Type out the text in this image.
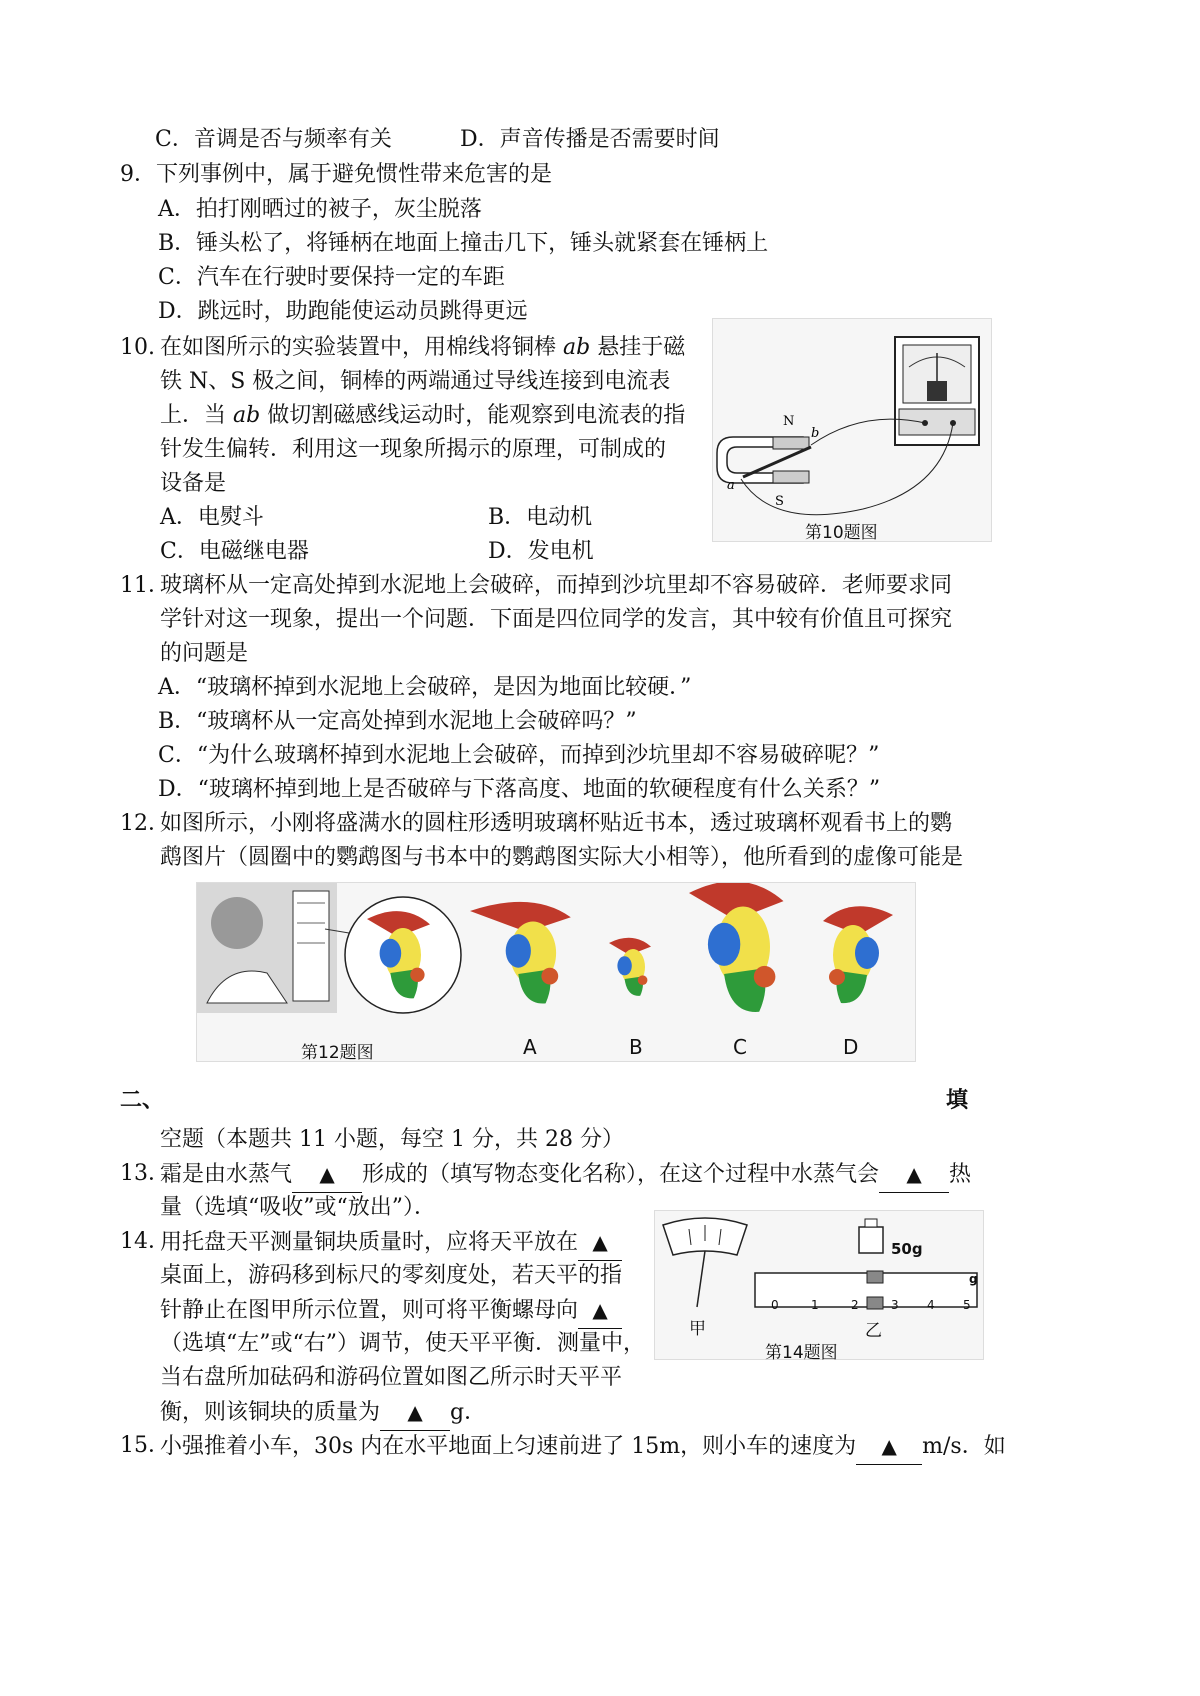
C．音调是否与频率有关	D．声音传播是否需要时间
9．下列事例中，属于避免惯性带来危害的是
A．拍打刚晒过的被子，灰尘脱落
B．锤头松了，将锤柄在地面上撞击几下，锤头就紧套在锤柄上
C．汽车在行驶时要保持一定的车距
D．跳远时，助跑能使运动员跳得更远
10. 在如图所示的实验装置中，用棉线将铜棒 ab 悬挂于磁
铁 N、S 极之间，铜棒的两端通过导线连接到电流表
上．当 ab 做切割磁感线运动时，能观察到电流表的指
针发生偏转．利用这一现象所揭示的原理，可制成的
设备是
A．电熨斗	B．电动机
C．电磁继电器	D．发电机
N
S
a
b
第10题图
11．
玻璃杯从一定高处掉到水泥地上会破碎，而掉到沙坑里却不容易破碎．老师要求同
学针对这一现象，提出一个问题．下面是四位同学的发言，其中较有价值且可探究
的问题是
A．“玻璃杯掉到水泥地上会破碎，是因为地面比较硬．”
B．“玻璃杯从一定高处掉到水泥地上会破碎吗？”
C．“为什么玻璃杯掉到水泥地上会破碎，而掉到沙坑里却不容易破碎呢？”
D．“玻璃杯掉到地上是否破碎与下落高度、地面的软硬程度有什么关系？”
12．
如图所示，小刚将盛满水的圆柱形透明玻璃杯贴近书本，透过玻璃杯观看书上的鹦
鹉图片（圆圈中的鹦鹉图与书本中的鹦鹉图实际大小相等），他所看到的虚像可能是
第12题图	A	B	C	D
二、	填
空题（本题共 11 小题，每空 1 分，共 28 分）
13．
霜是由水蒸气 ▲ 形成的（填写物态变化名称），在这个过程中水蒸气会 ▲ 热
量（选填“吸收”或“放出”）．
14．
用托盘天平测量铜块质量时，应将天平放在 ▲
桌面上，游码移到标尺的零刻度处，若天平的指
针静止在图甲所示位置，则可将平衡螺母向 ▲
（选填“左”或“右”）调节，使天平平衡．测量中，
当右盘所加砝码和游码位置如图乙所示时天平平
衡，则该铜块的质量为 ▲ g．
50g
0	1	2	3 4 5
g
甲	乙
第14题图
15．
小强推着小车，30s 内在水平地面上匀速前进了 15m，则小车的速度为 ▲ m/s．如
